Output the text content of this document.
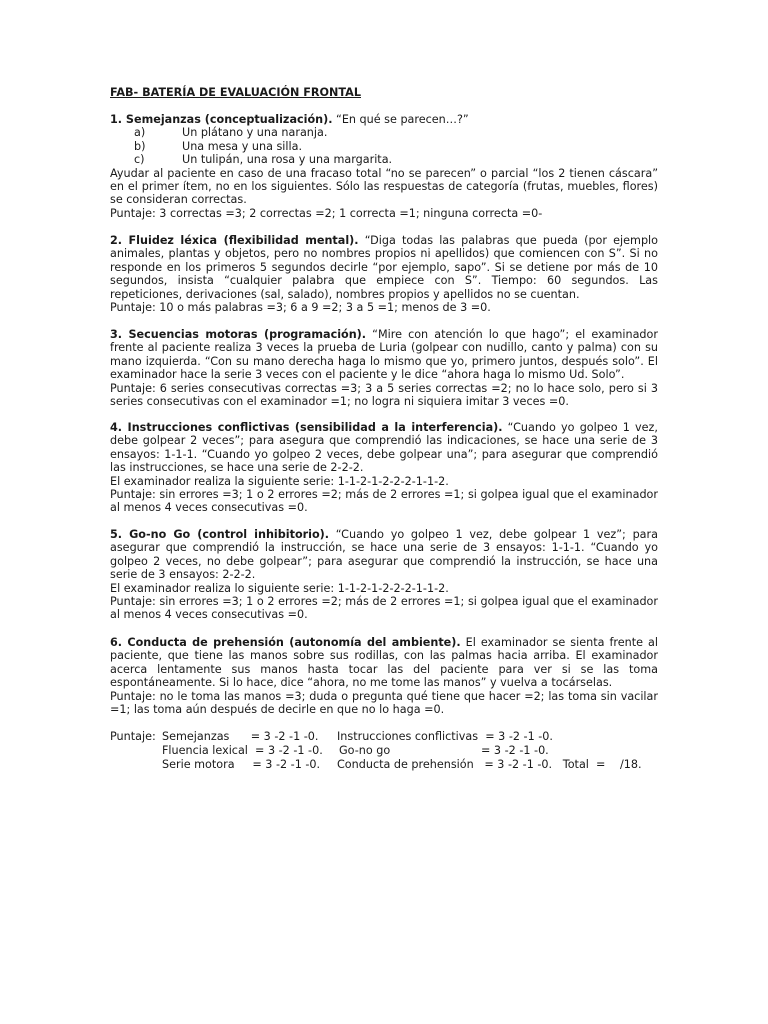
FAB- BATERÍA DE EVALUACIÓN FRONTAL

1. Semejanzas (conceptualización). “En qué se parecen…?”

a)	Un plátano y una naranja.
b)	Una mesa y una silla.
c)	Un tulipán, una rosa y una margarita.

Ayudar al paciente en caso de una fracaso total “no se parecen” o parcial “los 2 tienen cáscara” en el primer ítem, no en los siguientes. Sólo las respuestas de categoría (frutas, muebles, flores) se consideran correctas.

Puntaje: 3 correctas =3; 2 correctas =2; 1 correcta =1; ninguna correcta =0-

2. Fluidez léxica (flexibilidad mental). “Diga todas las palabras que pueda (por ejemplo animales, plantas y objetos, pero no nombres propios ni apellidos) que comiencen con S”. Si no responde en los primeros 5 segundos decirle “por ejemplo, sapo”. Si se detiene por más de 10 segundos, insista “cualquier palabra que empiece con S”. Tiempo: 60 segundos. Las repeticiones, derivaciones (sal, salado), nombres propios y apellidos no se cuentan.

Puntaje: 10 o más palabras =3; 6 a 9 =2; 3 a 5 =1; menos de 3 =0.

3. Secuencias motoras (programación). “Mire con atención lo que hago”; el examinador frente al paciente realiza 3 veces la prueba de Luria (golpear con nudillo, canto y palma) con su mano izquierda. “Con su mano derecha haga lo mismo que yo, primero juntos, después solo”. El examinador hace la serie 3 veces con el paciente y le dice “ahora haga lo mismo Ud. Solo”.

Puntaje: 6 series consecutivas correctas =3; 3 a 5 series correctas =2; no lo hace solo, pero si 3 series consecutivas con el examinador =1; no logra ni siquiera imitar 3 veces =0.

4. Instrucciones conflictivas (sensibilidad a la interferencia). “Cuando yo golpeo 1 vez, debe golpear 2 veces”; para asegura que comprendió las indicaciones, se hace una serie de 3 ensayos: 1-1-1. “Cuando yo golpeo 2 veces, debe golpear una”; para asegurar que comprendió las instrucciones, se hace una serie de 2-2-2.

El examinador realiza la siguiente serie: 1-1-2-1-2-2-2-1-1-2.

Puntaje: sin errores =3; 1 o 2 errores =2; más de 2 errores =1; si golpea igual que el examinador al menos 4 veces consecutivas =0.

5. Go-no Go (control inhibitorio). “Cuando yo golpeo 1 vez, debe golpear 1 vez”; para asegurar que comprendió la instrucción, se hace una serie de 3 ensayos: 1-1-1. “Cuando yo golpeo 2 veces, no debe golpear”; para asegurar que comprendió la instrucción, se hace una serie de 3 ensayos: 2-2-2.

El examinador realiza lo siguiente serie: 1-1-2-1-2-2-2-1-1-2.

Puntaje: sin errores =3; 1 o 2 errores =2; más de 2 errores =1; si golpea igual que el examinador al menos 4 veces consecutivas =0.

6. Conducta de prehensión (autonomía del ambiente). El examinador se sienta frente al paciente, que tiene las manos sobre sus rodillas, con las palmas hacia arriba. El examinador acerca lentamente sus manos hasta tocar las del paciente para ver si se las toma espontáneamente. Si lo hace, dice “ahora, no me tome las manos” y vuelva a tocárselas.

Puntaje: no le toma las manos =3; duda o pregunta qué tiene que hacer =2; las toma sin vacilar =1; las toma aún después de decirle en que no lo haga =0.

Puntaje: Semejanzas      = 3 -2 -1 -0. Instrucciones conflictivas  = 3 -2 -1 -0.
Fluencia lexical  = 3 -2 -1 -0. Go-no go	= 3 -2 -1 -0.
Serie motora     = 3 -2 -1 -0. Conducta de prehensión   = 3 -2 -1 -0.   Total  = /18.
